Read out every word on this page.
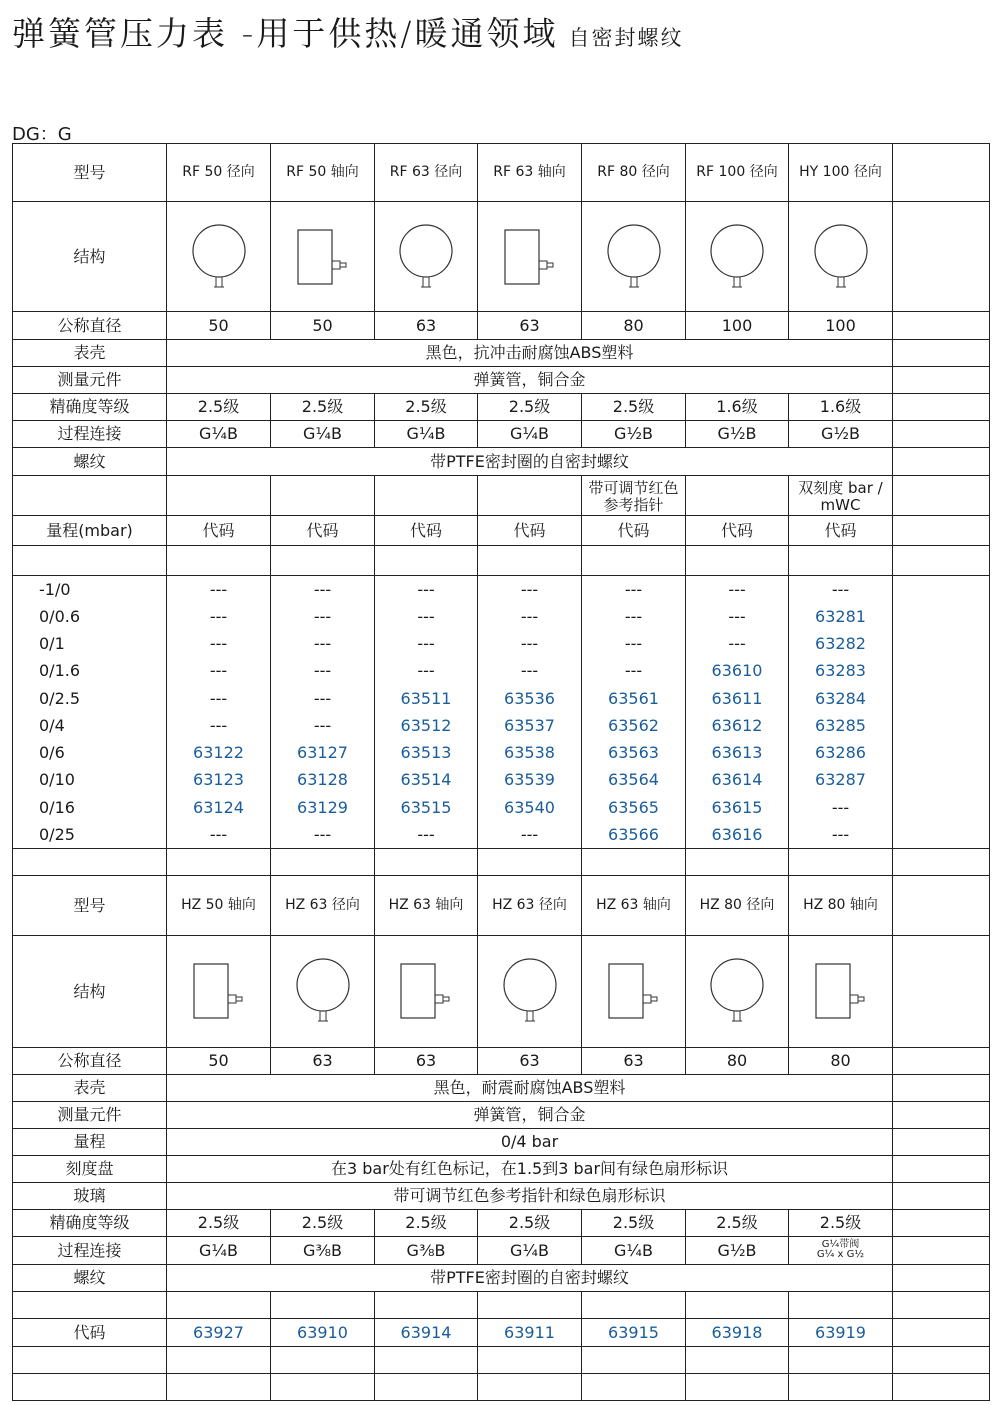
弹簧管压力表 -用于供热/暖通领域 自密封螺纹
DG：G
型号	RF 50 径向	RF 50 轴向	RF 63 径向	RF 63 轴向	RF 80 径向	RF 100 径向	HY 100 径向	
结构	

公称直径	50	50	63	63	80	100	100	
表壳	黑色，抗冲击耐腐蚀ABS塑料							
测量元件	弹簧管，铜合金							
精确度等级	2.5级	2.5级	2.5级	2.5级	2.5级	1.6级	1.6级	
过程连接	G¼B	G¼B	G¼B	G¼B	G½B	G½B	G½B	
螺纹	带PTFE密封圈的自密封螺纹							
					带可调节红色参考指针		双刻度 bar / mWC	
量程(mbar)	代码	代码	代码	代码	代码	代码	代码	

-1/0	---	---	---	---	---	---	---	
0/0.6	---	---	---	---	---	---	63281	
0/1	---	---	---	---	---	---	63282	
0/1.6	---	---	---	---	---	63610	63283	
0/2.5	---	---	63511	63536	63561	63611	63284	
0/4	---	---	63512	63537	63562	63612	63285	
0/6	63122	63127	63513	63538	63563	63613	63286	
0/10	63123	63128	63514	63539	63564	63614	63287	
0/16	63124	63129	63515	63540	63565	63615	---	
0/25	---	---	---	---	63566	63616	---	

型号	HZ 50 轴向	HZ 63 径向	HZ 63 轴向	HZ 63 径向	HZ 63 轴向	HZ 80 径向	HZ 80 轴向	
结构	

公称直径	50	63	63	63	63	80	80	
表壳	黑色，耐震耐腐蚀ABS塑料							
测量元件	弹簧管，铜合金							
量程	0/4 bar							
刻度盘	在3 bar处有红色标记，在1.5到3 bar间有绿色扇形标识							
玻璃	带可调节红色参考指针和绿色扇形标识							
精确度等级	2.5级	2.5级	2.5级	2.5级	2.5级	2.5级	2.5级	
过程连接	G¼B	G⅜B	G⅜B	G¼B	G¼B	G½B	G¼带阀
G¼ x G½	

螺纹	带PTFE密封圈的自密封螺纹							

代码	63927	63910	63914	63911	63915	63918	63919	
